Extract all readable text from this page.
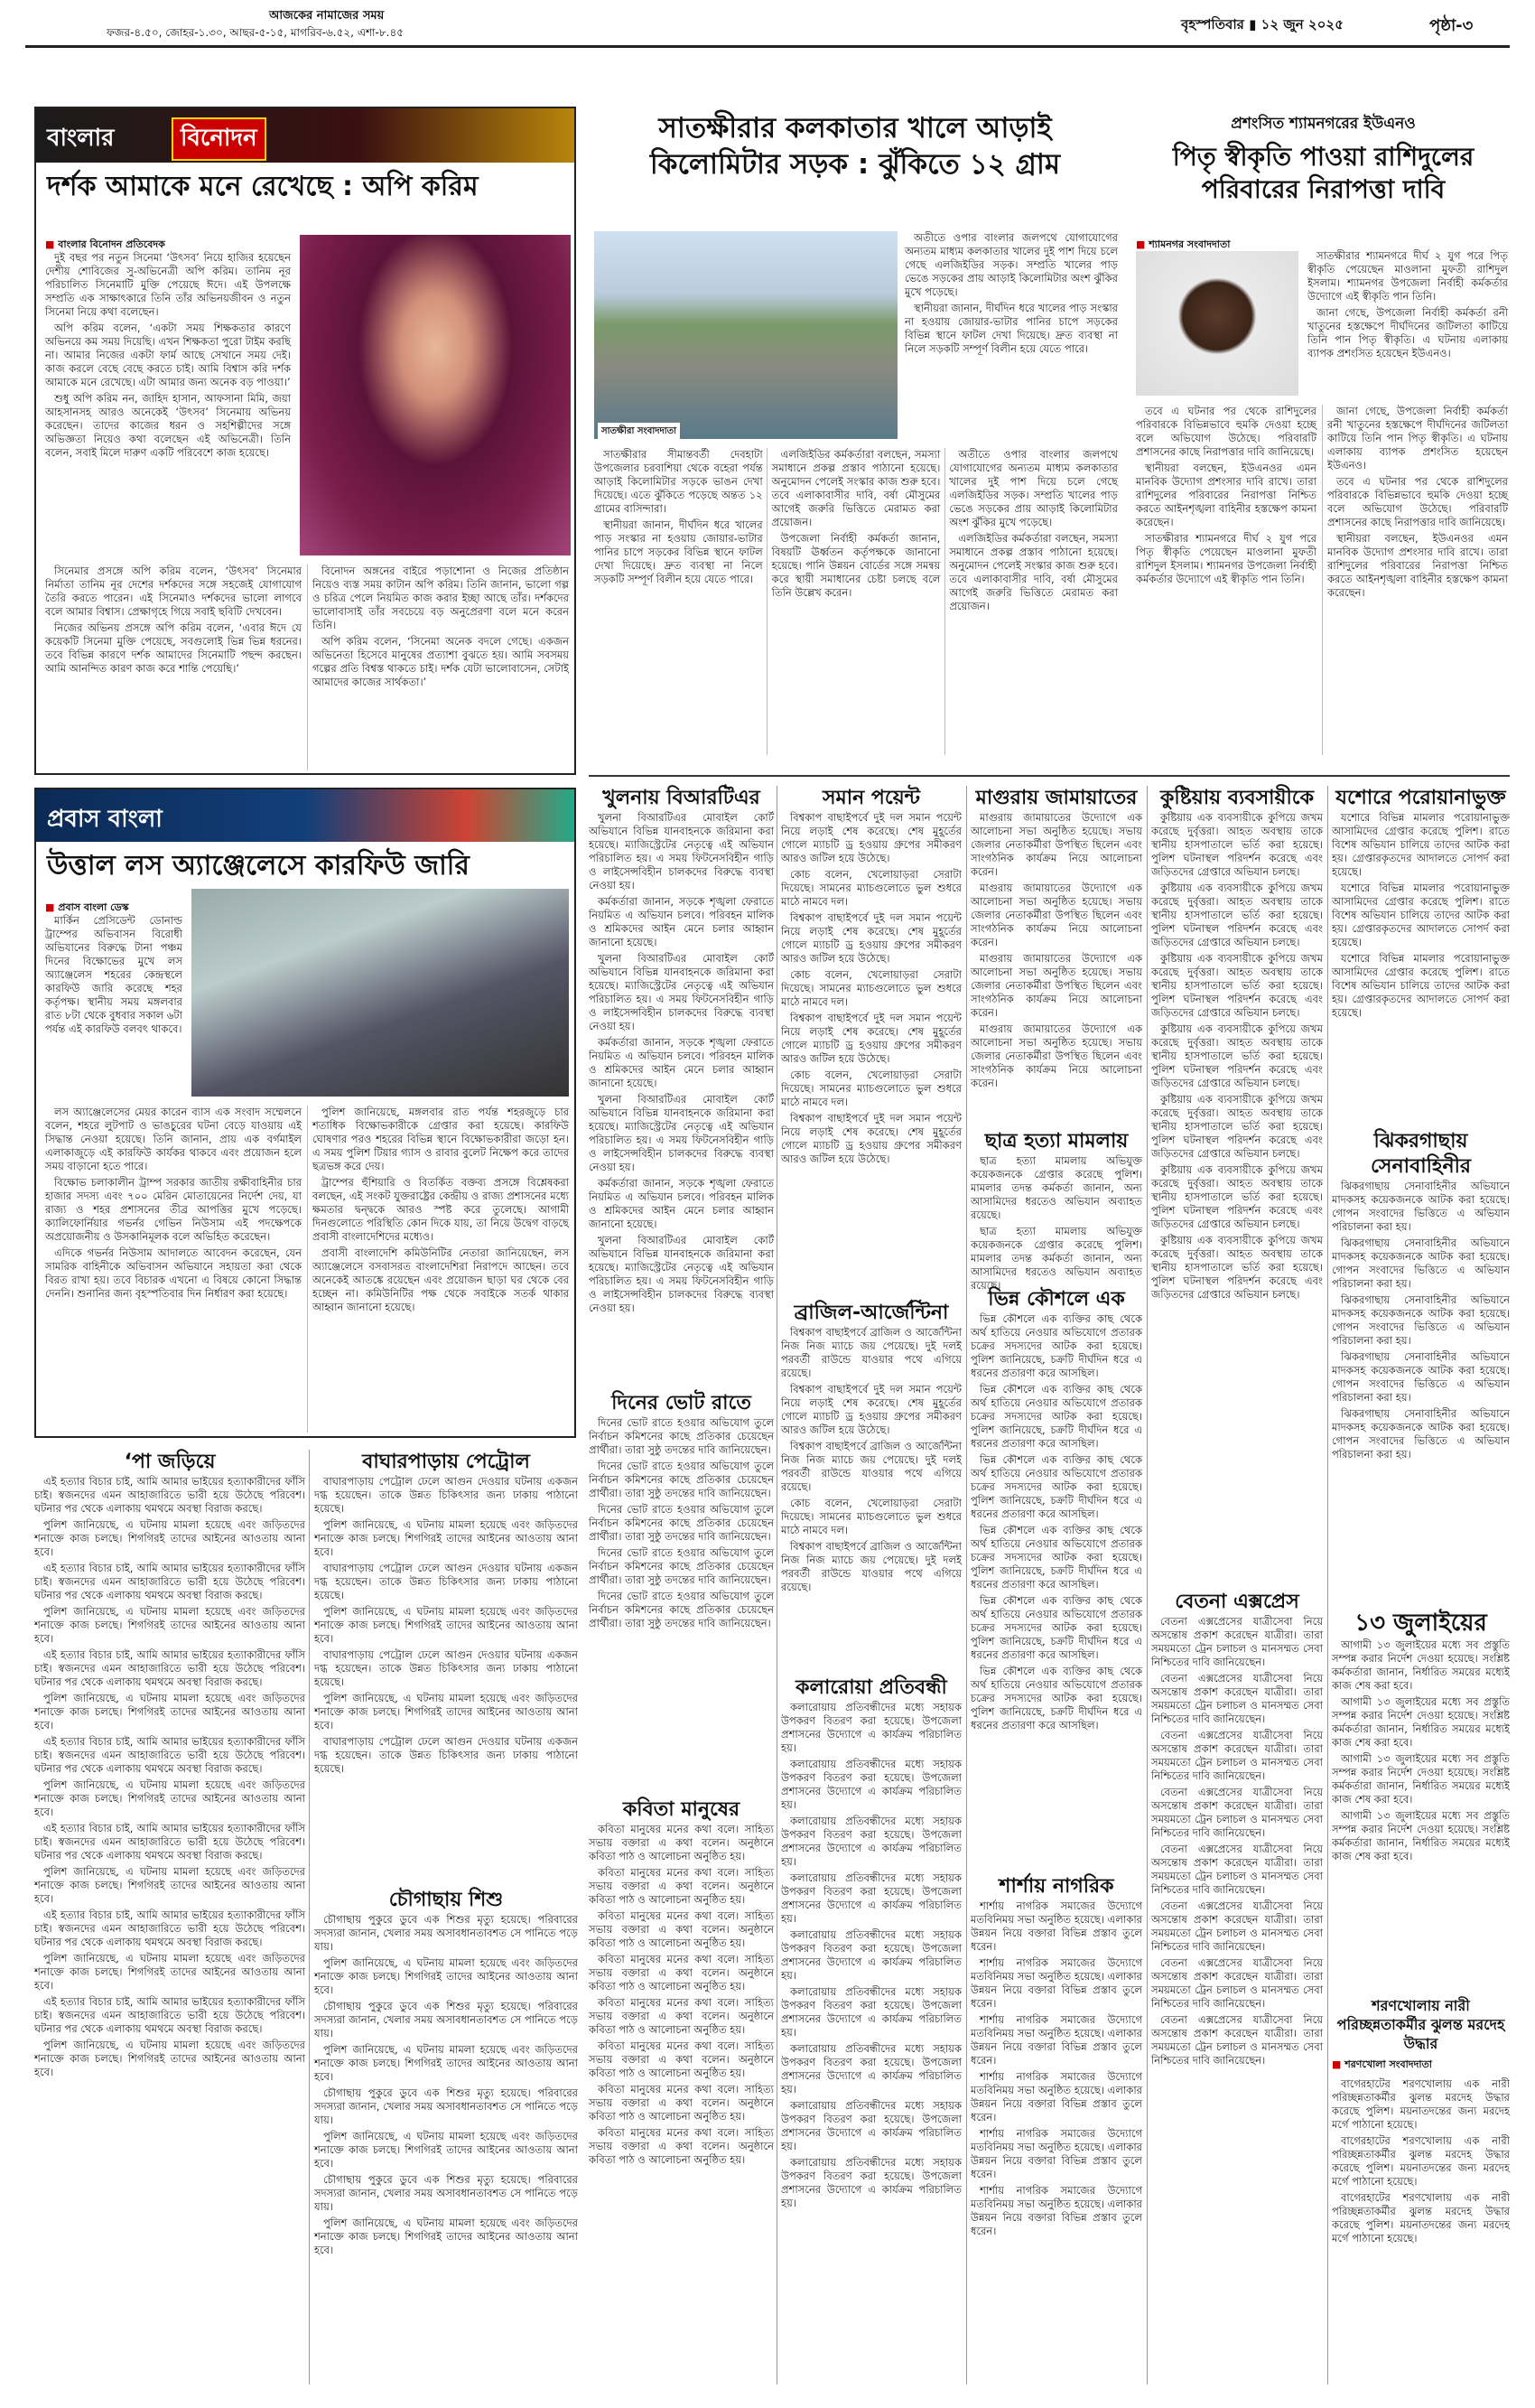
আজকের নামাজের সময়
ফজর-৪.৫০, জোহর-১.৩০, আছর-৫-১৫, মাগরিব-৬.৫২, এশা-৮.৪৫	বৃহস্পতিবার ▮ ১২ জুন ২০২৫	পৃষ্ঠা-৩
বাংলার	বিনোদন
দর্শক আমাকে মনে রেখেছে : অপি করিম
■ বাংলার বিনোদন প্রতিবেদক

দুই বছর পর নতুন সিনেমা ‘উৎসব’ নিয়ে হাজির হয়েছেন দেশীয় শোবিজের সু-অভিনেত্রী অপি করিম। তানিম নূর পরিচালিত সিনেমাটি মুক্তি পেয়েছে ঈদে। এই উপলক্ষে সম্প্রতি এক সাক্ষাৎকারে তিনি তাঁর অভিনয়জীবন ও নতুন সিনেমা নিয়ে কথা বলেছেন।

অপি করিম বলেন, ‘একটা সময় শিক্ষকতার কারণে অভিনয়ে কম সময় দিয়েছি। এখন শিক্ষকতা পুরো টাইম করছি না। আমার নিজের একটা ফার্ম আছে সেখানে সময় দেই। কাজ করলে বেছে বেছে করতে চাই। আমি বিশ্বাস করি দর্শক আমাকে মনে রেখেছে। এটা আমার জন্য অনেক বড় পাওয়া।’

শুধু অপি করিম নন, জাহিদ হাসান, আফসানা মিমি, জয়া আহসানসহ আরও অনেকেই ‘উৎসব’ সিনেমায় অভিনয় করেছেন। তাদের কাজের ধরন ও সহশিল্পীদের সঙ্গে অভিজ্ঞতা নিয়েও কথা বলেছেন এই অভিনেত্রী। তিনি বলেন, সবাই মিলে দারুণ একটি পরিবেশে কাজ হয়েছে।

সিনেমার প্রসঙ্গে অপি করিম বলেন, ‘উৎসব’ সিনেমার নির্মাতা তানিম নূর দেশের দর্শকদের সঙ্গে সহজেই যোগাযোগ তৈরি করতে পারেন। এই সিনেমাও দর্শকদের ভালো লাগবে বলে আমার বিশ্বাস। প্রেক্ষাগৃহে গিয়ে সবাই ছবিটি দেখবেন।

নিজের অভিনয় প্রসঙ্গে অপি করিম বলেন, ‘এবার ঈদে যে কয়েকটি সিনেমা মুক্তি পেয়েছে, সবগুলোই ভিন্ন ভিন্ন ধরনের। তবে বিভিন্ন কারণে দর্শক আমাদের সিনেমাটি পছন্দ করছেন। আমি আনন্দিত কারণ কাজ করে শান্তি পেয়েছি।’

বিনোদন অঙ্গনের বাইরে পড়াশোনা ও নিজের প্রতিষ্ঠান নিয়েও ব্যস্ত সময় কাটান অপি করিম। তিনি জানান, ভালো গল্প ও চরিত্র পেলে নিয়মিত কাজ করার ইচ্ছা আছে তাঁর। দর্শকদের ভালোবাসাই তাঁর সবচেয়ে বড় অনুপ্রেরণা বলে মনে করেন তিনি।

অপি করিম বলেন, ‘সিনেমা অনেক বদলে গেছে। একজন অভিনেতা হিসেবে মানুষের প্রত্যাশা বুঝতে হয়। আমি সবসময় গল্পের প্রতি বিশ্বস্ত থাকতে চাই। দর্শক যেটা ভালোবাসেন, সেটাই আমাদের কাজের সার্থকতা।’

প্রবাস বাংলা
উত্তাল লস অ্যাঞ্জেলেসে কারফিউ জারি
■ প্রবাস বাংলা ডেস্ক

মার্কিন প্রেসিডেন্ট ডোনাল্ড ট্রাম্পের অভিবাসন বিরোধী অভিযানের বিরুদ্ধে টানা পঞ্চম দিনের বিক্ষোভের মুখে লস অ্যাঞ্জেলেস শহরের কেন্দ্রস্থলে কারফিউ জারি করেছে শহর কর্তৃপক্ষ। স্থানীয় সময় মঙ্গলবার রাত ৮টা থেকে বুধবার সকাল ৬টা পর্যন্ত এই কারফিউ বলবৎ থাকবে।

লস অ্যাঞ্জেলেসের মেয়র কারেন ব্যাস এক সংবাদ সম্মেলনে বলেন, শহরে লুটপাট ও ভাঙচুরের ঘটনা বেড়ে যাওয়ায় এই সিদ্ধান্ত নেওয়া হয়েছে। তিনি জানান, প্রায় এক বর্গমাইল এলাকাজুড়ে এই কারফিউ কার্যকর থাকবে এবং প্রয়োজন হলে সময় বাড়ানো হতে পারে।

বিক্ষোভ চলাকালীন ট্রাম্প সরকার জাতীয় রক্ষীবাহিনীর চার হাজার সদস্য এবং ৭০০ মেরিন মোতায়েনের নির্দেশ দেয়, যা রাজ্য ও শহর প্রশাসনের তীব্র আপত্তির মুখে পড়েছে। ক্যালিফোর্নিয়ার গভর্নর গেভিন নিউসাম এই পদক্ষেপকে অপ্রয়োজনীয় ও উসকানিমূলক বলে অভিহিত করেছেন।

এদিকে গভর্নর নিউসাম আদালতে আবেদন করেছেন, যেন সামরিক বাহিনীকে অভিবাসন অভিযানে সহায়তা করা থেকে বিরত রাখা হয়। তবে বিচারক এখনো এ বিষয়ে কোনো সিদ্ধান্ত দেননি। শুনানির জন্য বৃহস্পতিবার দিন নির্ধারণ করা হয়েছে।

পুলিশ জানিয়েছে, মঙ্গলবার রাত পর্যন্ত শহরজুড়ে চার শতাধিক বিক্ষোভকারীকে গ্রেপ্তার করা হয়েছে। কারফিউ ঘোষণার পরও শহরের বিভিন্ন স্থানে বিক্ষোভকারীরা জড়ো হন। এ সময় পুলিশ টিয়ার গ্যাস ও রাবার বুলেট নিক্ষেপ করে তাদের ছত্রভঙ্গ করে দেয়।

ট্রাম্পের হুঁশিয়ারি ও বিতর্কিত বক্তব্য প্রসঙ্গে বিশ্লেষকরা বলছেন, এই সংকট যুক্তরাষ্ট্রের কেন্দ্রীয় ও রাজ্য প্রশাসনের মধ্যে ক্ষমতার দ্বন্দ্বকে আরও স্পষ্ট করে তুলেছে। আগামী দিনগুলোতে পরিস্থিতি কোন দিকে যায়, তা নিয়ে উদ্বেগ বাড়ছে প্রবাসী বাংলাদেশিদের মধ্যেও।

প্রবাসী বাংলাদেশি কমিউনিটির নেতারা জানিয়েছেন, লস অ্যাঞ্জেলেসে বসবাসরত বাংলাদেশিরা নিরাপদে আছেন। তবে অনেকেই আতঙ্কে রয়েছেন এবং প্রয়োজন ছাড়া ঘর থেকে বের হচ্ছেন না। কমিউনিটির পক্ষ থেকে সবাইকে সতর্ক থাকার আহ্বান জানানো হয়েছে।

‘পা জড়িয়ে

এই হত্যার বিচার চাই, আমি আমার ভাইয়ের হত্যাকারীদের ফাঁসি চাই। স্বজনদের এমন আহাজারিতে ভারী হয়ে উঠেছে পরিবেশ। ঘটনার পর থেকে এলাকায় থমথমে অবস্থা বিরাজ করছে।

পুলিশ জানিয়েছে, এ ঘটনায় মামলা হয়েছে এবং জড়িতদের শনাক্তে কাজ চলছে। শিগগিরই তাদের আইনের আওতায় আনা হবে।

এই হত্যার বিচার চাই, আমি আমার ভাইয়ের হত্যাকারীদের ফাঁসি চাই। স্বজনদের এমন আহাজারিতে ভারী হয়ে উঠেছে পরিবেশ। ঘটনার পর থেকে এলাকায় থমথমে অবস্থা বিরাজ করছে।

পুলিশ জানিয়েছে, এ ঘটনায় মামলা হয়েছে এবং জড়িতদের শনাক্তে কাজ চলছে। শিগগিরই তাদের আইনের আওতায় আনা হবে।

এই হত্যার বিচার চাই, আমি আমার ভাইয়ের হত্যাকারীদের ফাঁসি চাই। স্বজনদের এমন আহাজারিতে ভারী হয়ে উঠেছে পরিবেশ। ঘটনার পর থেকে এলাকায় থমথমে অবস্থা বিরাজ করছে।

পুলিশ জানিয়েছে, এ ঘটনায় মামলা হয়েছে এবং জড়িতদের শনাক্তে কাজ চলছে। শিগগিরই তাদের আইনের আওতায় আনা হবে।

এই হত্যার বিচার চাই, আমি আমার ভাইয়ের হত্যাকারীদের ফাঁসি চাই। স্বজনদের এমন আহাজারিতে ভারী হয়ে উঠেছে পরিবেশ। ঘটনার পর থেকে এলাকায় থমথমে অবস্থা বিরাজ করছে।

পুলিশ জানিয়েছে, এ ঘটনায় মামলা হয়েছে এবং জড়িতদের শনাক্তে কাজ চলছে। শিগগিরই তাদের আইনের আওতায় আনা হবে।

এই হত্যার বিচার চাই, আমি আমার ভাইয়ের হত্যাকারীদের ফাঁসি চাই। স্বজনদের এমন আহাজারিতে ভারী হয়ে উঠেছে পরিবেশ। ঘটনার পর থেকে এলাকায় থমথমে অবস্থা বিরাজ করছে।

পুলিশ জানিয়েছে, এ ঘটনায় মামলা হয়েছে এবং জড়িতদের শনাক্তে কাজ চলছে। শিগগিরই তাদের আইনের আওতায় আনা হবে।

এই হত্যার বিচার চাই, আমি আমার ভাইয়ের হত্যাকারীদের ফাঁসি চাই। স্বজনদের এমন আহাজারিতে ভারী হয়ে উঠেছে পরিবেশ। ঘটনার পর থেকে এলাকায় থমথমে অবস্থা বিরাজ করছে।

পুলিশ জানিয়েছে, এ ঘটনায় মামলা হয়েছে এবং জড়িতদের শনাক্তে কাজ চলছে। শিগগিরই তাদের আইনের আওতায় আনা হবে।

এই হত্যার বিচার চাই, আমি আমার ভাইয়ের হত্যাকারীদের ফাঁসি চাই। স্বজনদের এমন আহাজারিতে ভারী হয়ে উঠেছে পরিবেশ। ঘটনার পর থেকে এলাকায় থমথমে অবস্থা বিরাজ করছে।

পুলিশ জানিয়েছে, এ ঘটনায় মামলা হয়েছে এবং জড়িতদের শনাক্তে কাজ চলছে। শিগগিরই তাদের আইনের আওতায় আনা হবে।

বাঘারপাড়ায় পেট্রোল

বাঘারপাড়ায় পেট্রোল ঢেলে আগুন দেওয়ার ঘটনায় একজন দগ্ধ হয়েছেন। তাকে উন্নত চিকিৎসার জন্য ঢাকায় পাঠানো হয়েছে।

পুলিশ জানিয়েছে, এ ঘটনায় মামলা হয়েছে এবং জড়িতদের শনাক্তে কাজ চলছে। শিগগিরই তাদের আইনের আওতায় আনা হবে।

বাঘারপাড়ায় পেট্রোল ঢেলে আগুন দেওয়ার ঘটনায় একজন দগ্ধ হয়েছেন। তাকে উন্নত চিকিৎসার জন্য ঢাকায় পাঠানো হয়েছে।

পুলিশ জানিয়েছে, এ ঘটনায় মামলা হয়েছে এবং জড়িতদের শনাক্তে কাজ চলছে। শিগগিরই তাদের আইনের আওতায় আনা হবে।

বাঘারপাড়ায় পেট্রোল ঢেলে আগুন দেওয়ার ঘটনায় একজন দগ্ধ হয়েছেন। তাকে উন্নত চিকিৎসার জন্য ঢাকায় পাঠানো হয়েছে।

পুলিশ জানিয়েছে, এ ঘটনায় মামলা হয়েছে এবং জড়িতদের শনাক্তে কাজ চলছে। শিগগিরই তাদের আইনের আওতায় আনা হবে।

বাঘারপাড়ায় পেট্রোল ঢেলে আগুন দেওয়ার ঘটনায় একজন দগ্ধ হয়েছেন। তাকে উন্নত চিকিৎসার জন্য ঢাকায় পাঠানো হয়েছে।

চৌগাছায় শিশু

চৌগাছায় পুকুরে ডুবে এক শিশুর মৃত্যু হয়েছে। পরিবারের সদস্যরা জানান, খেলার সময় অসাবধানতাবশত সে পানিতে পড়ে যায়।

পুলিশ জানিয়েছে, এ ঘটনায় মামলা হয়েছে এবং জড়িতদের শনাক্তে কাজ চলছে। শিগগিরই তাদের আইনের আওতায় আনা হবে।

চৌগাছায় পুকুরে ডুবে এক শিশুর মৃত্যু হয়েছে। পরিবারের সদস্যরা জানান, খেলার সময় অসাবধানতাবশত সে পানিতে পড়ে যায়।

পুলিশ জানিয়েছে, এ ঘটনায় মামলা হয়েছে এবং জড়িতদের শনাক্তে কাজ চলছে। শিগগিরই তাদের আইনের আওতায় আনা হবে।

চৌগাছায় পুকুরে ডুবে এক শিশুর মৃত্যু হয়েছে। পরিবারের সদস্যরা জানান, খেলার সময় অসাবধানতাবশত সে পানিতে পড়ে যায়।

পুলিশ জানিয়েছে, এ ঘটনায় মামলা হয়েছে এবং জড়িতদের শনাক্তে কাজ চলছে। শিগগিরই তাদের আইনের আওতায় আনা হবে।

চৌগাছায় পুকুরে ডুবে এক শিশুর মৃত্যু হয়েছে। পরিবারের সদস্যরা জানান, খেলার সময় অসাবধানতাবশত সে পানিতে পড়ে যায়।

পুলিশ জানিয়েছে, এ ঘটনায় মামলা হয়েছে এবং জড়িতদের শনাক্তে কাজ চলছে। শিগগিরই তাদের আইনের আওতায় আনা হবে।

সাতক্ষীরার কলকাতার খালে আড়াই কিলোমিটার সড়ক : ঝুঁকিতে ১২ গ্রাম
সাতক্ষীরা সংবাদদাতা

অতীতে ওপার বাংলার জলপথে যোগাযোগের অন্যতম মাধ্যম কলকাতার খালের দুই পাশ দিয়ে চলে গেছে এলজিইডির সড়ক। সম্প্রতি খালের পাড় ভেঙে সড়কের প্রায় আড়াই কিলোমিটার অংশ ঝুঁকির মুখে পড়েছে।

স্থানীয়রা জানান, দীর্ঘদিন ধরে খালের পাড় সংস্কার না হওয়ায় জোয়ার-ভাটার পানির চাপে সড়কের বিভিন্ন স্থানে ফাটল দেখা দিয়েছে। দ্রুত ব্যবস্থা না নিলে সড়কটি সম্পূর্ণ বিলীন হয়ে যেতে পারে।

সাতক্ষীরার সীমান্তবর্তী দেবহাটা উপজেলার চরবাশিয়া থেকে বহেরা পর্যন্ত আড়াই কিলোমিটার সড়কে ভাঙন দেখা দিয়েছে। এতে ঝুঁকিতে পড়েছে অন্তত ১২ গ্রামের বাসিন্দারা।

স্থানীয়রা জানান, দীর্ঘদিন ধরে খালের পাড় সংস্কার না হওয়ায় জোয়ার-ভাটার পানির চাপে সড়কের বিভিন্ন স্থানে ফাটল দেখা দিয়েছে। দ্রুত ব্যবস্থা না নিলে সড়কটি সম্পূর্ণ বিলীন হয়ে যেতে পারে।

এলজিইডির কর্মকর্তারা বলছেন, সমস্যা সমাধানে প্রকল্প প্রস্তাব পাঠানো হয়েছে। অনুমোদন পেলেই সংস্কার কাজ শুরু হবে। তবে এলাকাবাসীর দাবি, বর্ষা মৌসুমের আগেই জরুরি ভিত্তিতে মেরামত করা প্রয়োজন।

উপজেলা নির্বাহী কর্মকর্তা জানান, বিষয়টি ঊর্ধ্বতন কর্তৃপক্ষকে জানানো হয়েছে। পানি উন্নয়ন বোর্ডের সঙ্গে সমন্বয় করে স্থায়ী সমাধানের চেষ্টা চলছে বলে তিনি উল্লেখ করেন।

অতীতে ওপার বাংলার জলপথে যোগাযোগের অন্যতম মাধ্যম কলকাতার খালের দুই পাশ দিয়ে চলে গেছে এলজিইডির সড়ক। সম্প্রতি খালের পাড় ভেঙে সড়কের প্রায় আড়াই কিলোমিটার অংশ ঝুঁকির মুখে পড়েছে।

এলজিইডির কর্মকর্তারা বলছেন, সমস্যা সমাধানে প্রকল্প প্রস্তাব পাঠানো হয়েছে। অনুমোদন পেলেই সংস্কার কাজ শুরু হবে। তবে এলাকাবাসীর দাবি, বর্ষা মৌসুমের আগেই জরুরি ভিত্তিতে মেরামত করা প্রয়োজন।

প্রশংসিত শ্যামনগরের ইউএনও
পিতৃ স্বীকৃতি পাওয়া রাশিদুলের পরিবারের নিরাপত্তা দাবি
■ শ্যামনগর সংবাদদাতা

সাতক্ষীরার শ্যামনগরে দীর্ঘ ২ যুগ পরে পিতৃ স্বীকৃতি পেয়েছেন মাওলানা মুফতী রাশিদুল ইসলাম। শ্যামনগর উপজেলা নির্বাহী কর্মকর্তার উদ্যোগে এই স্বীকৃতি পান তিনি।

জানা গেছে, উপজেলা নির্বাহী কর্মকর্তা রনী খাতুনের হস্তক্ষেপে দীর্ঘদিনের জটিলতা কাটিয়ে তিনি পান পিতৃ স্বীকৃতি। এ ঘটনায় এলাকায় ব্যাপক প্রশংসিত হয়েছেন ইউএনও।

তবে এ ঘটনার পর থেকে রাশিদুলের পরিবারকে বিভিন্নভাবে হুমকি দেওয়া হচ্ছে বলে অভিযোগ উঠেছে। পরিবারটি প্রশাসনের কাছে নিরাপত্তার দাবি জানিয়েছে।

স্থানীয়রা বলছেন, ইউএনওর এমন মানবিক উদ্যোগ প্রশংসার দাবি রাখে। তারা রাশিদুলের পরিবারের নিরাপত্তা নিশ্চিত করতে আইনশৃঙ্খলা বাহিনীর হস্তক্ষেপ কামনা করেছেন।

সাতক্ষীরার শ্যামনগরে দীর্ঘ ২ যুগ পরে পিতৃ স্বীকৃতি পেয়েছেন মাওলানা মুফতী রাশিদুল ইসলাম। শ্যামনগর উপজেলা নির্বাহী কর্মকর্তার উদ্যোগে এই স্বীকৃতি পান তিনি।

জানা গেছে, উপজেলা নির্বাহী কর্মকর্তা রনী খাতুনের হস্তক্ষেপে দীর্ঘদিনের জটিলতা কাটিয়ে তিনি পান পিতৃ স্বীকৃতি। এ ঘটনায় এলাকায় ব্যাপক প্রশংসিত হয়েছেন ইউএনও।

তবে এ ঘটনার পর থেকে রাশিদুলের পরিবারকে বিভিন্নভাবে হুমকি দেওয়া হচ্ছে বলে অভিযোগ উঠেছে। পরিবারটি প্রশাসনের কাছে নিরাপত্তার দাবি জানিয়েছে।

স্থানীয়রা বলছেন, ইউএনওর এমন মানবিক উদ্যোগ প্রশংসার দাবি রাখে। তারা রাশিদুলের পরিবারের নিরাপত্তা নিশ্চিত করতে আইনশৃঙ্খলা বাহিনীর হস্তক্ষেপ কামনা করেছেন।

খুলনায় বিআরটিএর

খুলনা বিআরটিএর মোবাইল কোর্ট অভিযানে বিভিন্ন যানবাহনকে জরিমানা করা হয়েছে। ম্যাজিস্ট্রেটের নেতৃত্বে এই অভিযান পরিচালিত হয়। এ সময় ফিটনেসবিহীন গাড়ি ও লাইসেন্সবিহীন চালকদের বিরুদ্ধে ব্যবস্থা নেওয়া হয়।

কর্মকর্তারা জানান, সড়কে শৃঙ্খলা ফেরাতে নিয়মিত এ অভিযান চলবে। পরিবহন মালিক ও শ্রমিকদের আইন মেনে চলার আহ্বান জানানো হয়েছে।

খুলনা বিআরটিএর মোবাইল কোর্ট অভিযানে বিভিন্ন যানবাহনকে জরিমানা করা হয়েছে। ম্যাজিস্ট্রেটের নেতৃত্বে এই অভিযান পরিচালিত হয়। এ সময় ফিটনেসবিহীন গাড়ি ও লাইসেন্সবিহীন চালকদের বিরুদ্ধে ব্যবস্থা নেওয়া হয়।

কর্মকর্তারা জানান, সড়কে শৃঙ্খলা ফেরাতে নিয়মিত এ অভিযান চলবে। পরিবহন মালিক ও শ্রমিকদের আইন মেনে চলার আহ্বান জানানো হয়েছে।

খুলনা বিআরটিএর মোবাইল কোর্ট অভিযানে বিভিন্ন যানবাহনকে জরিমানা করা হয়েছে। ম্যাজিস্ট্রেটের নেতৃত্বে এই অভিযান পরিচালিত হয়। এ সময় ফিটনেসবিহীন গাড়ি ও লাইসেন্সবিহীন চালকদের বিরুদ্ধে ব্যবস্থা নেওয়া হয়।

কর্মকর্তারা জানান, সড়কে শৃঙ্খলা ফেরাতে নিয়মিত এ অভিযান চলবে। পরিবহন মালিক ও শ্রমিকদের আইন মেনে চলার আহ্বান জানানো হয়েছে।

খুলনা বিআরটিএর মোবাইল কোর্ট অভিযানে বিভিন্ন যানবাহনকে জরিমানা করা হয়েছে। ম্যাজিস্ট্রেটের নেতৃত্বে এই অভিযান পরিচালিত হয়। এ সময় ফিটনেসবিহীন গাড়ি ও লাইসেন্সবিহীন চালকদের বিরুদ্ধে ব্যবস্থা নেওয়া হয়।

সমান পয়েন্ট

বিশ্বকাপ বাছাইপর্বে দুই দল সমান পয়েন্ট নিয়ে লড়াই শেষ করেছে। শেষ মুহূর্তের গোলে ম্যাচটি ড্র হওয়ায় গ্রুপের সমীকরণ আরও জটিল হয়ে উঠেছে।

কোচ বলেন, খেলোয়াড়রা সেরাটা দিয়েছে। সামনের ম্যাচগুলোতে ভুল শুধরে মাঠে নামবে দল।

বিশ্বকাপ বাছাইপর্বে দুই দল সমান পয়েন্ট নিয়ে লড়াই শেষ করেছে। শেষ মুহূর্তের গোলে ম্যাচটি ড্র হওয়ায় গ্রুপের সমীকরণ আরও জটিল হয়ে উঠেছে।

কোচ বলেন, খেলোয়াড়রা সেরাটা দিয়েছে। সামনের ম্যাচগুলোতে ভুল শুধরে মাঠে নামবে দল।

বিশ্বকাপ বাছাইপর্বে দুই দল সমান পয়েন্ট নিয়ে লড়াই শেষ করেছে। শেষ মুহূর্তের গোলে ম্যাচটি ড্র হওয়ায় গ্রুপের সমীকরণ আরও জটিল হয়ে উঠেছে।

কোচ বলেন, খেলোয়াড়রা সেরাটা দিয়েছে। সামনের ম্যাচগুলোতে ভুল শুধরে মাঠে নামবে দল।

বিশ্বকাপ বাছাইপর্বে দুই দল সমান পয়েন্ট নিয়ে লড়াই শেষ করেছে। শেষ মুহূর্তের গোলে ম্যাচটি ড্র হওয়ায় গ্রুপের সমীকরণ আরও জটিল হয়ে উঠেছে।

ব্রাজিল-আর্জেন্টিনা

বিশ্বকাপ বাছাইপর্বে ব্রাজিল ও আর্জেন্টিনা নিজ নিজ ম্যাচে জয় পেয়েছে। দুই দলই পরবর্তী রাউন্ডে যাওয়ার পথে এগিয়ে রয়েছে।

বিশ্বকাপ বাছাইপর্বে দুই দল সমান পয়েন্ট নিয়ে লড়াই শেষ করেছে। শেষ মুহূর্তের গোলে ম্যাচটি ড্র হওয়ায় গ্রুপের সমীকরণ আরও জটিল হয়ে উঠেছে।

বিশ্বকাপ বাছাইপর্বে ব্রাজিল ও আর্জেন্টিনা নিজ নিজ ম্যাচে জয় পেয়েছে। দুই দলই পরবর্তী রাউন্ডে যাওয়ার পথে এগিয়ে রয়েছে।

কোচ বলেন, খেলোয়াড়রা সেরাটা দিয়েছে। সামনের ম্যাচগুলোতে ভুল শুধরে মাঠে নামবে দল।

বিশ্বকাপ বাছাইপর্বে ব্রাজিল ও আর্জেন্টিনা নিজ নিজ ম্যাচে জয় পেয়েছে। দুই দলই পরবর্তী রাউন্ডে যাওয়ার পথে এগিয়ে রয়েছে।

মাগুরায় জামায়াতের

মাগুরায় জামায়াতের উদ্যোগে এক আলোচনা সভা অনুষ্ঠিত হয়েছে। সভায় জেলার নেতাকর্মীরা উপস্থিত ছিলেন এবং সাংগঠনিক কার্যক্রম নিয়ে আলোচনা করেন।

মাগুরায় জামায়াতের উদ্যোগে এক আলোচনা সভা অনুষ্ঠিত হয়েছে। সভায় জেলার নেতাকর্মীরা উপস্থিত ছিলেন এবং সাংগঠনিক কার্যক্রম নিয়ে আলোচনা করেন।

মাগুরায় জামায়াতের উদ্যোগে এক আলোচনা সভা অনুষ্ঠিত হয়েছে। সভায় জেলার নেতাকর্মীরা উপস্থিত ছিলেন এবং সাংগঠনিক কার্যক্রম নিয়ে আলোচনা করেন।

মাগুরায় জামায়াতের উদ্যোগে এক আলোচনা সভা অনুষ্ঠিত হয়েছে। সভায় জেলার নেতাকর্মীরা উপস্থিত ছিলেন এবং সাংগঠনিক কার্যক্রম নিয়ে আলোচনা করেন।

ছাত্র হত্যা মামলায়

ছাত্র হত্যা মামলায় অভিযুক্ত কয়েকজনকে গ্রেপ্তার করেছে পুলিশ। মামলার তদন্ত কর্মকর্তা জানান, অন্য আসামিদের ধরতেও অভিযান অব্যাহত রয়েছে।

ছাত্র হত্যা মামলায় অভিযুক্ত কয়েকজনকে গ্রেপ্তার করেছে পুলিশ। মামলার তদন্ত কর্মকর্তা জানান, অন্য আসামিদের ধরতেও অভিযান অব্যাহত রয়েছে।

ভিন্ন কৌশলে এক

ভিন্ন কৌশলে এক ব্যক্তির কাছ থেকে অর্থ হাতিয়ে নেওয়ার অভিযোগে প্রতারক চক্রের সদস্যদের আটক করা হয়েছে। পুলিশ জানিয়েছে, চক্রটি দীর্ঘদিন ধরে এ ধরনের প্রতারণা করে আসছিল।

ভিন্ন কৌশলে এক ব্যক্তির কাছ থেকে অর্থ হাতিয়ে নেওয়ার অভিযোগে প্রতারক চক্রের সদস্যদের আটক করা হয়েছে। পুলিশ জানিয়েছে, চক্রটি দীর্ঘদিন ধরে এ ধরনের প্রতারণা করে আসছিল।

ভিন্ন কৌশলে এক ব্যক্তির কাছ থেকে অর্থ হাতিয়ে নেওয়ার অভিযোগে প্রতারক চক্রের সদস্যদের আটক করা হয়েছে। পুলিশ জানিয়েছে, চক্রটি দীর্ঘদিন ধরে এ ধরনের প্রতারণা করে আসছিল।

ভিন্ন কৌশলে এক ব্যক্তির কাছ থেকে অর্থ হাতিয়ে নেওয়ার অভিযোগে প্রতারক চক্রের সদস্যদের আটক করা হয়েছে। পুলিশ জানিয়েছে, চক্রটি দীর্ঘদিন ধরে এ ধরনের প্রতারণা করে আসছিল।

ভিন্ন কৌশলে এক ব্যক্তির কাছ থেকে অর্থ হাতিয়ে নেওয়ার অভিযোগে প্রতারক চক্রের সদস্যদের আটক করা হয়েছে। পুলিশ জানিয়েছে, চক্রটি দীর্ঘদিন ধরে এ ধরনের প্রতারণা করে আসছিল।

ভিন্ন কৌশলে এক ব্যক্তির কাছ থেকে অর্থ হাতিয়ে নেওয়ার অভিযোগে প্রতারক চক্রের সদস্যদের আটক করা হয়েছে। পুলিশ জানিয়েছে, চক্রটি দীর্ঘদিন ধরে এ ধরনের প্রতারণা করে আসছিল।

কুষ্টিয়ায় ব্যবসায়ীকে

কুষ্টিয়ায় এক ব্যবসায়ীকে কুপিয়ে জখম করেছে দুর্বৃত্তরা। আহত অবস্থায় তাকে স্থানীয় হাসপাতালে ভর্তি করা হয়েছে। পুলিশ ঘটনাস্থল পরিদর্শন করেছে এবং জড়িতদের গ্রেপ্তারে অভিযান চলছে।

কুষ্টিয়ায় এক ব্যবসায়ীকে কুপিয়ে জখম করেছে দুর্বৃত্তরা। আহত অবস্থায় তাকে স্থানীয় হাসপাতালে ভর্তি করা হয়েছে। পুলিশ ঘটনাস্থল পরিদর্শন করেছে এবং জড়িতদের গ্রেপ্তারে অভিযান চলছে।

কুষ্টিয়ায় এক ব্যবসায়ীকে কুপিয়ে জখম করেছে দুর্বৃত্তরা। আহত অবস্থায় তাকে স্থানীয় হাসপাতালে ভর্তি করা হয়েছে। পুলিশ ঘটনাস্থল পরিদর্শন করেছে এবং জড়িতদের গ্রেপ্তারে অভিযান চলছে।

কুষ্টিয়ায় এক ব্যবসায়ীকে কুপিয়ে জখম করেছে দুর্বৃত্তরা। আহত অবস্থায় তাকে স্থানীয় হাসপাতালে ভর্তি করা হয়েছে। পুলিশ ঘটনাস্থল পরিদর্শন করেছে এবং জড়িতদের গ্রেপ্তারে অভিযান চলছে।

কুষ্টিয়ায় এক ব্যবসায়ীকে কুপিয়ে জখম করেছে দুর্বৃত্তরা। আহত অবস্থায় তাকে স্থানীয় হাসপাতালে ভর্তি করা হয়েছে। পুলিশ ঘটনাস্থল পরিদর্শন করেছে এবং জড়িতদের গ্রেপ্তারে অভিযান চলছে।

কুষ্টিয়ায় এক ব্যবসায়ীকে কুপিয়ে জখম করেছে দুর্বৃত্তরা। আহত অবস্থায় তাকে স্থানীয় হাসপাতালে ভর্তি করা হয়েছে। পুলিশ ঘটনাস্থল পরিদর্শন করেছে এবং জড়িতদের গ্রেপ্তারে অভিযান চলছে।

কুষ্টিয়ায় এক ব্যবসায়ীকে কুপিয়ে জখম করেছে দুর্বৃত্তরা। আহত অবস্থায় তাকে স্থানীয় হাসপাতালে ভর্তি করা হয়েছে। পুলিশ ঘটনাস্থল পরিদর্শন করেছে এবং জড়িতদের গ্রেপ্তারে অভিযান চলছে।

যশোরে পরোয়ানাভুক্ত

যশোরে বিভিন্ন মামলার পরোয়ানাভুক্ত আসামিদের গ্রেপ্তার করেছে পুলিশ। রাতে বিশেষ অভিযান চালিয়ে তাদের আটক করা হয়। গ্রেপ্তারকৃতদের আদালতে সোপর্দ করা হয়েছে।

যশোরে বিভিন্ন মামলার পরোয়ানাভুক্ত আসামিদের গ্রেপ্তার করেছে পুলিশ। রাতে বিশেষ অভিযান চালিয়ে তাদের আটক করা হয়। গ্রেপ্তারকৃতদের আদালতে সোপর্দ করা হয়েছে।

যশোরে বিভিন্ন মামলার পরোয়ানাভুক্ত আসামিদের গ্রেপ্তার করেছে পুলিশ। রাতে বিশেষ অভিযান চালিয়ে তাদের আটক করা হয়। গ্রেপ্তারকৃতদের আদালতে সোপর্দ করা হয়েছে।

ঝিকরগাছায় সেনাবাহিনীর

ঝিকরগাছায় সেনাবাহিনীর অভিযানে মাদকসহ কয়েকজনকে আটক করা হয়েছে। গোপন সংবাদের ভিত্তিতে এ অভিযান পরিচালনা করা হয়।

ঝিকরগাছায় সেনাবাহিনীর অভিযানে মাদকসহ কয়েকজনকে আটক করা হয়েছে। গোপন সংবাদের ভিত্তিতে এ অভিযান পরিচালনা করা হয়।

ঝিকরগাছায় সেনাবাহিনীর অভিযানে মাদকসহ কয়েকজনকে আটক করা হয়েছে। গোপন সংবাদের ভিত্তিতে এ অভিযান পরিচালনা করা হয়।

ঝিকরগাছায় সেনাবাহিনীর অভিযানে মাদকসহ কয়েকজনকে আটক করা হয়েছে। গোপন সংবাদের ভিত্তিতে এ অভিযান পরিচালনা করা হয়।

ঝিকরগাছায় সেনাবাহিনীর অভিযানে মাদকসহ কয়েকজনকে আটক করা হয়েছে। গোপন সংবাদের ভিত্তিতে এ অভিযান পরিচালনা করা হয়।

দিনের ভোট রাতে

দিনের ভোট রাতে হওয়ার অভিযোগ তুলে নির্বাচন কমিশনের কাছে প্রতিকার চেয়েছেন প্রার্থীরা। তারা সুষ্ঠু তদন্তের দাবি জানিয়েছেন।

দিনের ভোট রাতে হওয়ার অভিযোগ তুলে নির্বাচন কমিশনের কাছে প্রতিকার চেয়েছেন প্রার্থীরা। তারা সুষ্ঠু তদন্তের দাবি জানিয়েছেন।

দিনের ভোট রাতে হওয়ার অভিযোগ তুলে নির্বাচন কমিশনের কাছে প্রতিকার চেয়েছেন প্রার্থীরা। তারা সুষ্ঠু তদন্তের দাবি জানিয়েছেন।

দিনের ভোট রাতে হওয়ার অভিযোগ তুলে নির্বাচন কমিশনের কাছে প্রতিকার চেয়েছেন প্রার্থীরা। তারা সুষ্ঠু তদন্তের দাবি জানিয়েছেন।

দিনের ভোট রাতে হওয়ার অভিযোগ তুলে নির্বাচন কমিশনের কাছে প্রতিকার চেয়েছেন প্রার্থীরা। তারা সুষ্ঠু তদন্তের দাবি জানিয়েছেন।

কবিতা মানুষের

কবিতা মানুষের মনের কথা বলে। সাহিত্য সভায় বক্তারা এ কথা বলেন। অনুষ্ঠানে কবিতা পাঠ ও আলোচনা অনুষ্ঠিত হয়।

কবিতা মানুষের মনের কথা বলে। সাহিত্য সভায় বক্তারা এ কথা বলেন। অনুষ্ঠানে কবিতা পাঠ ও আলোচনা অনুষ্ঠিত হয়।

কবিতা মানুষের মনের কথা বলে। সাহিত্য সভায় বক্তারা এ কথা বলেন। অনুষ্ঠানে কবিতা পাঠ ও আলোচনা অনুষ্ঠিত হয়।

কবিতা মানুষের মনের কথা বলে। সাহিত্য সভায় বক্তারা এ কথা বলেন। অনুষ্ঠানে কবিতা পাঠ ও আলোচনা অনুষ্ঠিত হয়।

কবিতা মানুষের মনের কথা বলে। সাহিত্য সভায় বক্তারা এ কথা বলেন। অনুষ্ঠানে কবিতা পাঠ ও আলোচনা অনুষ্ঠিত হয়।

কবিতা মানুষের মনের কথা বলে। সাহিত্য সভায় বক্তারা এ কথা বলেন। অনুষ্ঠানে কবিতা পাঠ ও আলোচনা অনুষ্ঠিত হয়।

কবিতা মানুষের মনের কথা বলে। সাহিত্য সভায় বক্তারা এ কথা বলেন। অনুষ্ঠানে কবিতা পাঠ ও আলোচনা অনুষ্ঠিত হয়।

কবিতা মানুষের মনের কথা বলে। সাহিত্য সভায় বক্তারা এ কথা বলেন। অনুষ্ঠানে কবিতা পাঠ ও আলোচনা অনুষ্ঠিত হয়।

কলারোয়া প্রতিবন্ধী

কলারোয়ায় প্রতিবন্ধীদের মধ্যে সহায়ক উপকরণ বিতরণ করা হয়েছে। উপজেলা প্রশাসনের উদ্যোগে এ কার্যক্রম পরিচালিত হয়।

কলারোয়ায় প্রতিবন্ধীদের মধ্যে সহায়ক উপকরণ বিতরণ করা হয়েছে। উপজেলা প্রশাসনের উদ্যোগে এ কার্যক্রম পরিচালিত হয়।

কলারোয়ায় প্রতিবন্ধীদের মধ্যে সহায়ক উপকরণ বিতরণ করা হয়েছে। উপজেলা প্রশাসনের উদ্যোগে এ কার্যক্রম পরিচালিত হয়।

কলারোয়ায় প্রতিবন্ধীদের মধ্যে সহায়ক উপকরণ বিতরণ করা হয়েছে। উপজেলা প্রশাসনের উদ্যোগে এ কার্যক্রম পরিচালিত হয়।

কলারোয়ায় প্রতিবন্ধীদের মধ্যে সহায়ক উপকরণ বিতরণ করা হয়েছে। উপজেলা প্রশাসনের উদ্যোগে এ কার্যক্রম পরিচালিত হয়।

কলারোয়ায় প্রতিবন্ধীদের মধ্যে সহায়ক উপকরণ বিতরণ করা হয়েছে। উপজেলা প্রশাসনের উদ্যোগে এ কার্যক্রম পরিচালিত হয়।

কলারোয়ায় প্রতিবন্ধীদের মধ্যে সহায়ক উপকরণ বিতরণ করা হয়েছে। উপজেলা প্রশাসনের উদ্যোগে এ কার্যক্রম পরিচালিত হয়।

কলারোয়ায় প্রতিবন্ধীদের মধ্যে সহায়ক উপকরণ বিতরণ করা হয়েছে। উপজেলা প্রশাসনের উদ্যোগে এ কার্যক্রম পরিচালিত হয়।

কলারোয়ায় প্রতিবন্ধীদের মধ্যে সহায়ক উপকরণ বিতরণ করা হয়েছে। উপজেলা প্রশাসনের উদ্যোগে এ কার্যক্রম পরিচালিত হয়।

শার্শায় নাগরিক

শার্শায় নাগরিক সমাজের উদ্যোগে মতবিনিময় সভা অনুষ্ঠিত হয়েছে। এলাকার উন্নয়ন নিয়ে বক্তারা বিভিন্ন প্রস্তাব তুলে ধরেন।

শার্শায় নাগরিক সমাজের উদ্যোগে মতবিনিময় সভা অনুষ্ঠিত হয়েছে। এলাকার উন্নয়ন নিয়ে বক্তারা বিভিন্ন প্রস্তাব তুলে ধরেন।

শার্শায় নাগরিক সমাজের উদ্যোগে মতবিনিময় সভা অনুষ্ঠিত হয়েছে। এলাকার উন্নয়ন নিয়ে বক্তারা বিভিন্ন প্রস্তাব তুলে ধরেন।

শার্শায় নাগরিক সমাজের উদ্যোগে মতবিনিময় সভা অনুষ্ঠিত হয়েছে। এলাকার উন্নয়ন নিয়ে বক্তারা বিভিন্ন প্রস্তাব তুলে ধরেন।

শার্শায় নাগরিক সমাজের উদ্যোগে মতবিনিময় সভা অনুষ্ঠিত হয়েছে। এলাকার উন্নয়ন নিয়ে বক্তারা বিভিন্ন প্রস্তাব তুলে ধরেন।

শার্শায় নাগরিক সমাজের উদ্যোগে মতবিনিময় সভা অনুষ্ঠিত হয়েছে। এলাকার উন্নয়ন নিয়ে বক্তারা বিভিন্ন প্রস্তাব তুলে ধরেন।

বেতনা এক্সপ্রেস

বেতনা এক্সপ্রেসের যাত্রীসেবা নিয়ে অসন্তোষ প্রকাশ করেছেন যাত্রীরা। তারা সময়মতো ট্রেন চলাচল ও মানসম্মত সেবা নিশ্চিতের দাবি জানিয়েছেন।

বেতনা এক্সপ্রেসের যাত্রীসেবা নিয়ে অসন্তোষ প্রকাশ করেছেন যাত্রীরা। তারা সময়মতো ট্রেন চলাচল ও মানসম্মত সেবা নিশ্চিতের দাবি জানিয়েছেন।

বেতনা এক্সপ্রেসের যাত্রীসেবা নিয়ে অসন্তোষ প্রকাশ করেছেন যাত্রীরা। তারা সময়মতো ট্রেন চলাচল ও মানসম্মত সেবা নিশ্চিতের দাবি জানিয়েছেন।

বেতনা এক্সপ্রেসের যাত্রীসেবা নিয়ে অসন্তোষ প্রকাশ করেছেন যাত্রীরা। তারা সময়মতো ট্রেন চলাচল ও মানসম্মত সেবা নিশ্চিতের দাবি জানিয়েছেন।

বেতনা এক্সপ্রেসের যাত্রীসেবা নিয়ে অসন্তোষ প্রকাশ করেছেন যাত্রীরা। তারা সময়মতো ট্রেন চলাচল ও মানসম্মত সেবা নিশ্চিতের দাবি জানিয়েছেন।

বেতনা এক্সপ্রেসের যাত্রীসেবা নিয়ে অসন্তোষ প্রকাশ করেছেন যাত্রীরা। তারা সময়মতো ট্রেন চলাচল ও মানসম্মত সেবা নিশ্চিতের দাবি জানিয়েছেন।

বেতনা এক্সপ্রেসের যাত্রীসেবা নিয়ে অসন্তোষ প্রকাশ করেছেন যাত্রীরা। তারা সময়মতো ট্রেন চলাচল ও মানসম্মত সেবা নিশ্চিতের দাবি জানিয়েছেন।

বেতনা এক্সপ্রেসের যাত্রীসেবা নিয়ে অসন্তোষ প্রকাশ করেছেন যাত্রীরা। তারা সময়মতো ট্রেন চলাচল ও মানসম্মত সেবা নিশ্চিতের দাবি জানিয়েছেন।

১৩ জুলাইয়ের

আগামী ১৩ জুলাইয়ের মধ্যে সব প্রস্তুতি সম্পন্ন করার নির্দেশ দেওয়া হয়েছে। সংশ্লিষ্ট কর্মকর্তারা জানান, নির্ধারিত সময়ের মধ্যেই কাজ শেষ করা হবে।

আগামী ১৩ জুলাইয়ের মধ্যে সব প্রস্তুতি সম্পন্ন করার নির্দেশ দেওয়া হয়েছে। সংশ্লিষ্ট কর্মকর্তারা জানান, নির্ধারিত সময়ের মধ্যেই কাজ শেষ করা হবে।

আগামী ১৩ জুলাইয়ের মধ্যে সব প্রস্তুতি সম্পন্ন করার নির্দেশ দেওয়া হয়েছে। সংশ্লিষ্ট কর্মকর্তারা জানান, নির্ধারিত সময়ের মধ্যেই কাজ শেষ করা হবে।

আগামী ১৩ জুলাইয়ের মধ্যে সব প্রস্তুতি সম্পন্ন করার নির্দেশ দেওয়া হয়েছে। সংশ্লিষ্ট কর্মকর্তারা জানান, নির্ধারিত সময়ের মধ্যেই কাজ শেষ করা হবে।

শরণখোলায় নারী পরিচ্ছন্নতাকর্মীর ঝুলন্ত মরদেহ উদ্ধার
■ শরণখোলা সংবাদদাতা

বাগেরহাটের শরণখোলায় এক নারী পরিচ্ছন্নতাকর্মীর ঝুলন্ত মরদেহ উদ্ধার করেছে পুলিশ। ময়নাতদন্তের জন্য মরদেহ মর্গে পাঠানো হয়েছে।

বাগেরহাটের শরণখোলায় এক নারী পরিচ্ছন্নতাকর্মীর ঝুলন্ত মরদেহ উদ্ধার করেছে পুলিশ। ময়নাতদন্তের জন্য মরদেহ মর্গে পাঠানো হয়েছে।

বাগেরহাটের শরণখোলায় এক নারী পরিচ্ছন্নতাকর্মীর ঝুলন্ত মরদেহ উদ্ধার করেছে পুলিশ। ময়নাতদন্তের জন্য মরদেহ মর্গে পাঠানো হয়েছে।
